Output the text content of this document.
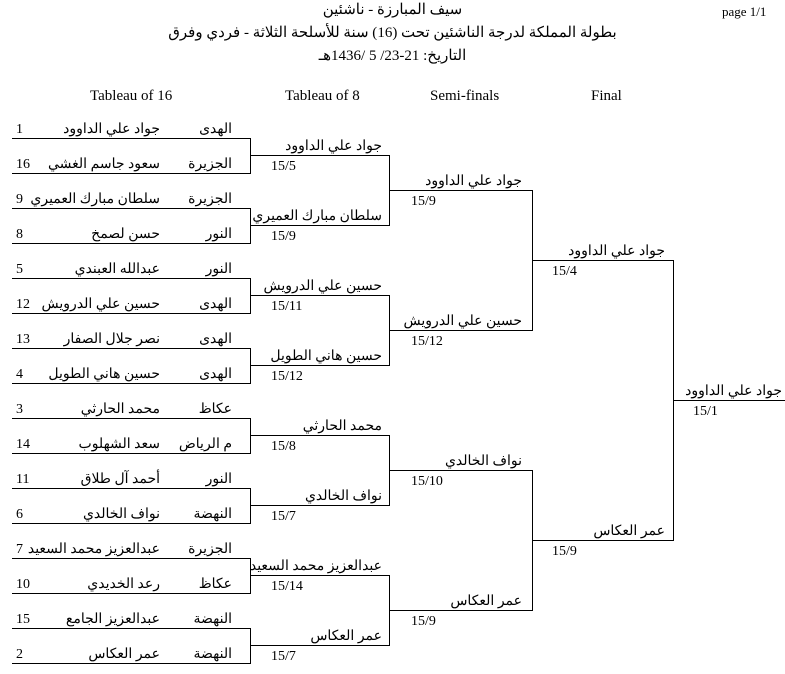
page 1/1
سيف المبارزة - ناشئين
بطولة المملكة لدرجة الناشئين تحت (16) سنة للأسلحة الثلاثة - فردي وفرق
التاريخ: 21-23/ 5 /1436هـ
Tableau of 16	Tableau of 8	Semi-finals	Final
1	جواد علي الداوود	الهدى
16	سعود جاسم الغشي	الجزيرة
9 سلطان مبارك العميري	الجزيرة
8	حسن لصمخ	النور
5	عبدالله العبندي	النور
12 حسين علي الدرويش	الهدى
13	نصر جلال الصفار	الهدى
4	حسين هاني الطويل	الهدى
3	محمد الحارثي	عكاظ
14	سعد الشهلوب	م الرياض
11	أحمد آل طلاق	النور
6	نواف الخالدي	النهضة
7 عبدالعزيز محمد السعيد	الجزيرة
10	رعد الخديدي	عكاظ
15	عبدالعزيز الجامع	النهضة
2	عمر العكاس	النهضة
جواد علي الداوود
15/5
سلطان مبارك العميري
15/9
حسين علي الدرويش
15/11
حسين هاني الطويل
15/12
محمد الحارثي
15/8
نواف الخالدي
15/7
عبدالعزيز محمد السعيد
15/14
عمر العكاس
15/7
جواد علي الداوود
15/9
حسين علي الدرويش
15/12
نواف الخالدي
15/10
عمر العكاس
15/9
جواد علي الداوود
15/4
عمر العكاس
15/9
جواد علي الداوود
15/1
